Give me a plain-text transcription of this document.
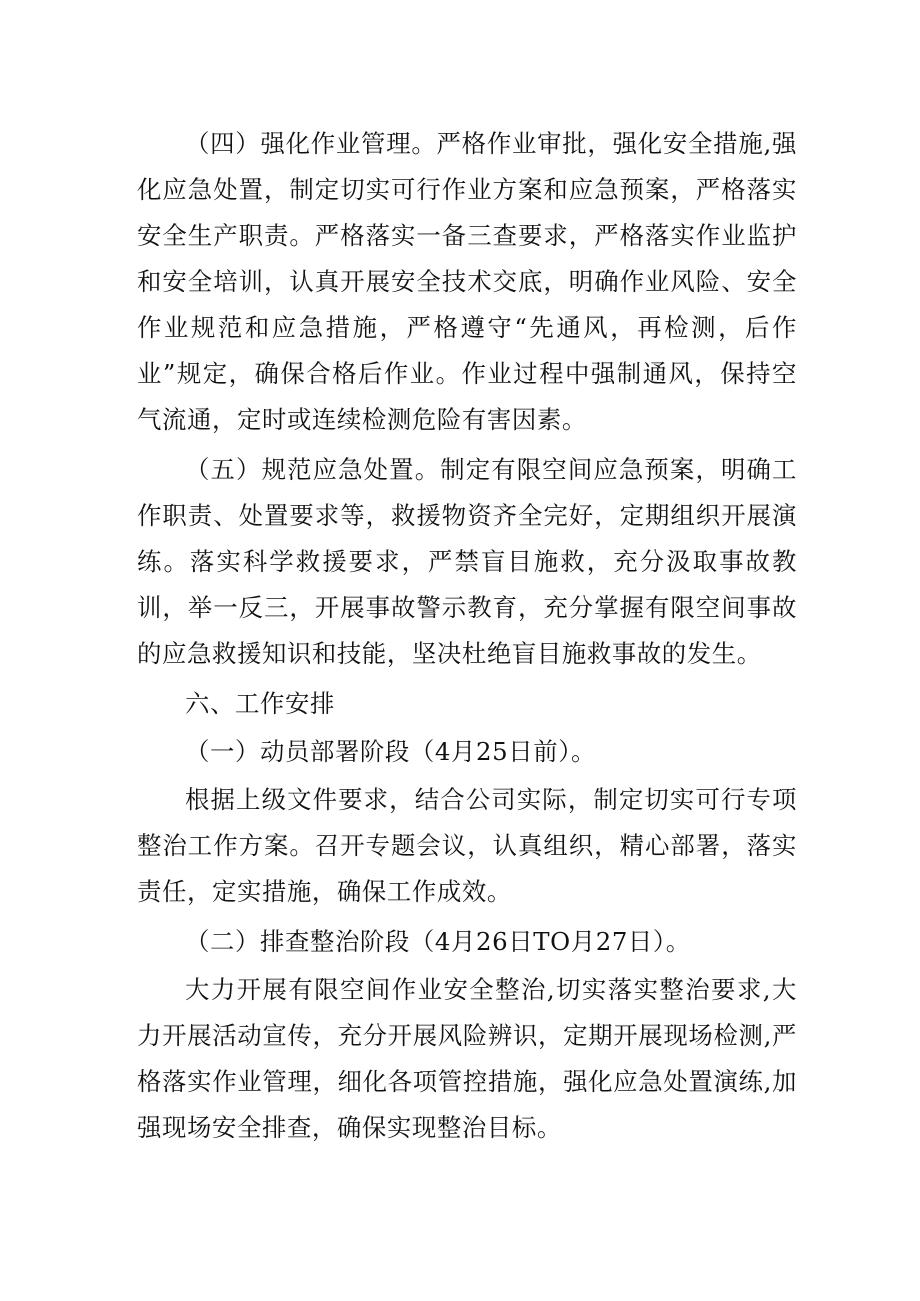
（四）强化作业管理。严格作业审批，强化安全措施,强化应急处置，制定切实可行作业方案和应急预案，严格落实安全生产职责。严格落实一备三查要求，严格落实作业监护和安全培训，认真开展安全技术交底，明确作业风险、安全作业规范和应急措施，严格遵守“先通风，再检测，后作业”规定，确保合格后作业。作业过程中强制通风，保持空气流通，定时或连续检测危险有害因素。

（五）规范应急处置。制定有限空间应急预案，明确工作职责、处置要求等，救援物资齐全完好，定期组织开展演练。落实科学救援要求，严禁盲目施救，充分汲取事故教训，举一反三，开展事故警示教育，充分掌握有限空间事故的应急救援知识和技能，坚决杜绝盲目施救事故的发生。

六、工作安排

（一）动员部署阶段（4月25日前）。

根据上级文件要求，结合公司实际，制定切实可行专项整治工作方案。召开专题会议，认真组织，精心部署，落实责任，定实措施，确保工作成效。

（二）排查整治阶段（4月26日TO月27日）。

大力开展有限空间作业安全整治,切实落实整治要求,大力开展活动宣传，充分开展风险辨识，定期开展现场检测,严格落实作业管理，细化各项管控措施，强化应急处置演练,加强现场安全排查，确保实现整治目标。
